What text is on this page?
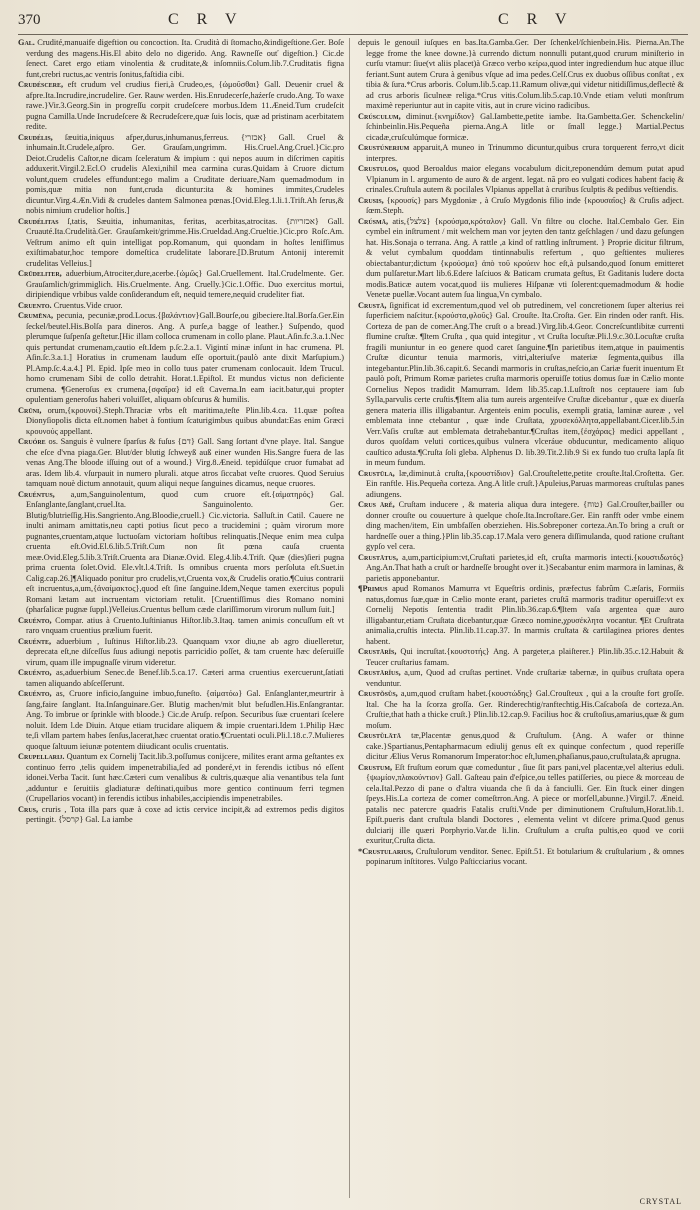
370	C R V	C R V

Gal. Crudité,manuaife digeftion ou concoction. Ita. Crudità di ſtomacho,&indigeſtione.Ger. Boſe verdung des magens.His.El abito delo no digerido. Ang. Rawneſſe ouť digeſtion.} Cic.de ſenect. Caret ergo etiam vinolentia & cruditate,& inſomniis.Colum.lib.7.Cruditatis figna funt,crebri ructus,ac ventris ſonitus,faſtidia cibi.

Crudéſcere, eft crudum vel crudius fieri,à Crudeo,es, {ὠμοῦσθαι} Gall. Deuenir cruel & afpre.Ita.Incrudire,incrudelire. Ger. Rauw werden. His.Enrudecerſe,haźerſe crudo.Ang. To waxe rawe.}Vir.3.Georg.Sin in progreſſu corpit crudeſcere morbus.Idem 11.Æneid.Tum crudeſcit pugna Camilla.Unde Incrudeſcere & Recrudeſcere,quæ ſuis locis, quæ ad pristinam acerbitatem redite.

Crudélis, ſæuitia,iniquus afper,durus,inhumanus,ferreus. {אכזרי} Gall. Cruel & inhumain.It.Crudele,aſpro. Ger. Grauſam,ungrimm. His.Cruel.Ang.Cruel.}Cic.pro Deiot.Crudelis Caſtor,ne dicam ſceleratum & impium : qui nepos auum in diſcrimen capitis adduxerit.Virgil.2.Ecl.O crudelis Alexi,nihil mea carmina curas.Quidam à Cruore dictum volunt,quem crudeles effundunt:ego malim a Cruditate deriuare,Nam quemadmodum in pomis,quæ mitia non funt,cruda dicuntur:ita & homines immites,Crudeles dicuntur.Virg.4.Æn.Vidi & crudeles dantem Salmonea pœnas.[Ovid.Eleg.1.li.1.Triſt.Ah ſerus,& nobis nimium crudelior hoſtis.]

Crudélitas ſ,tatis, Sæuitia, inhumanitas, feritas, acerbitas,atrocitas. {אכזריות} Gall. Cruauté.Ita.Crudelità.Ger. Grauſamkeit/grimme.His.Crueldad.Ang.Crueltie.}Cic.pro Roſc.Am. Veſtrum animo eſt quin intelligat pop.Romanum, qui quondam in hoſtes lenifſimus exiſtimabatur,hoc tempore domeſtica crudelitate laborare.[D.Brutum Antonij interemit crudelitas Velleius.]

Crūdeliter, aduerbium,Atrociter,dure,acerbe.{ὠμῶς} Gal.Cruellement. Ital.Crudelmente. Ger. Grauſamlich/grimmiglich. His.Cruelmente. Ang. Cruelly.}Cic.1.Offic. Duo exercitus mortui, diripiendique vrbibus valde conſiderandum eſt, nequid temere,nequid crudeliter fiat.

Cruento. Cruentus.Vide cruor.

Crumēna, pecunia, pecuniæ,prod.Locus.{βαλάντιον}Gall.Bourſe,ou gibeciere.Ital.Borſa.Ger.Ein ſeckel/beutel.His.Bolſa para dineros. Ang. A purſe,a bagge of leather.} Suſpendo, quod plerumque ſuſpenſa geſtetur.[Hic illam colloca crumenam in collo plane. Plaut.Aſin.fc.3.a.1.Nec quis pertundat crumenam,cautio eſt.Idem p.ſc.2.a.1. Vigintí minæ inſunt in hac crumena. Pl. Aſin.ſc.3.a.1.] Horatius in crumenam laudum eſſe oportuit.(paulò ante dixit Marſupium.) Pl.Amp.ſc.4.a.4.] Pl. Epid. Ipſe meo in collo tuus pater crumenam conlocauit. Idem Trucul. homo crumenam Sibi de collo detrahit. Horat.1.Epiſtol. Et mundus victus non deficiente crumena. ¶Generoſus ex crumena,{σφαῖρα} id eſt Caverna.In eam iacit.batur,qui propter opulentiam generoſus haberi voluiſſet, aliquam obſcurus & humilis.

Crūni, orum,{κρουνοί}.Steph.Thraciæ vrbs eſt maritima,teſte Plin.lib.4.ca. 11.quæ poſtea Dionyſiopolis dicta eſt.nomen habet à fontium ſcaturigimbus quibus abundat:Eas enim Græci κρουνούς appellant.

Cruóre os. Sanguis è vulnere ſparſus & fuſus {דם} Gall. Sang ſortant d'vne playe. Ital. Sangue che eſce d'vna piaga.Ger. Blut/der blutig ſchweyß auß einer wunden His.Sangre fuera de las venas Ang.The bloode iſſuing out of a wound.} Virg.8.Æneid. tepidúſque cruor fumabat ad aras. Idem lib.4. vſurpauit in numero plurali. atque atros ſiccabat veſte cruores. Quod Seruius tamquam nouè dictum annotauit, quum aliqui neque ſanguines dicamus, neque cruores.

Cruéntus, a,um,Sanguinolentum, quod cum cruore eſt.{αἱματηρός} Gal. Enſanglante,ſanglant,cruel.Ita. Sanguinolento. Ger. Blutig/blutrieſſig.His.Sangriento.Ang.Bloodie,cruell.} Cic.victoria. Salluſt.in Catil. Cauere ne inulti animam amittatis,neu capti potius ſicut peco a trucidemini ; quàm virorum more pugnantes,cruentam,atque luctuoſam victoriam hoſtibus relinquatis.[Neque enim mea culpa cruenta eſt.Ovid.El.6.lib.5.Triſt.Cum non ſit pœna cauſa cruenta meæ.Ovid.Eleg.5.lib.3.Triſt.Cruenta ara Dianæ.Ovid. Eleg.4.lib.4.Triſt. Quæ (dies)ſieri pugna prima cruenta ſolet.Ovid. Ele.vlt.l.4.Triſt. Is omnibus cruenta mors perſoluta eſt.Suet.in Calig.cap.26.]¶Aliquado ponitur pro crudelis,vt,Cruenta vox,& Crudelis oratio.¶Cuius contrarii eſt incruentus,a,um,{ἀναίμακτος},quod eſt ſine ſanguine.Idem,Neque tamen exercitus populi Romani lætam aut incruentam victoriam retulit. [Cruentiſſimus dies Romano nomini (pharſalicæ pugnæ ſuppl.)Velleius.Cruentus bellum cæde clariſſimorum virorum nullum ſuit.]

Cruénto, Compar. atius à Cruento.Iuſtinianus Hiſtor.lib.3.Itaq. tamen animis concuſſum eſt vt raro vnquam cruentius prælium fuerit.

Cruénte, aduerbium , Iuſtinus Hiſtor.lib.23. Quanquam vxor diu,ne ab agro diuelleretur, deprecata eſt,ne diſceſſus ſuus adiungi nepotis parricidio poſſet, & tam cruente hæc deſeruiſſe virum, quam ille impugnaſſe virum videretur.

Cruénto, as,aduerbium Senec.de Benef.lib.5.ca.17. Cæteri arma cruentius exercuerunt,ſatiati tamen aliquando abſceſſerunt.

Cruénto, as, Cruore inficio,ſanguine imbuo,funeſto. {αἱματόω} Gal. Enſanglanter,meurtrir à ſang,faire ſanglant. Ita.Inſanguinare.Ger. Blutig machen/mit blut beſudlen.His.Enſangrantar. Ang. To imbrue or ſprinkle with bloode.} Cic.de Aruſp. reſpon. Securibus ſuæ cruentari ſcelere noluit. Idem l.de Diuin. Atque etiam trucidare aliquem & impie cruentari.Idem 1.Philip Hæc te,ſi vllam partem habes ſenſus,lacerat,hæc cruentat oratio.¶Cruentati oculi.Pli.l.18.c.7.Mulieres quoque ſaltuum ieiunæ potentem diiudicant oculis cruentatis.

Crupellarij. Quantum ex Cornelij Tacit.lib.3.poſſumus conijcere, milites erant arma geſtantes ex continuo ferro ,telis quidem impenetrabilia,ſed ad ponderé,vt in ferendis ictibus nó eſſent idonei.Verba Tacit. ſunt hæc.Cæteri cum venalibus & cultris,quæque alia venantibus tela ſunt ,adduntur e ſeruitiis gladiaturæ deſtinati,quibus more gentico continuum ferri tegmen (Crupellarios vocant) in ferendis ictibus inhabiles,accipiendis impenetrabiles.

Crus, cruris , Tota illa pars quæ à coxe ad ictis cervice incipit,& ad extremos pedis digitos pertingit. {קרסל} Gal. La iambe

depuis le genouil iuſques en bas.Ita.Gamba.Ger. Der ſchenkel/ſchienbein.His. Pierna.An.The legge frome the knee downe.}à currendo dictum nonnulli putant,quod crurum miniſterio in curſu vtamur: ſiue(vt aliis placet)à Græco verbo κείρω,quod inter ingrediendum huc atque illuc feriant.Sunt autem Crura à genibus vſque ad ima pedes.Celſ.Crus ex duobus oſſibus conſtat , ex tibia & ſura.*Crus arboris. Colum.lib.5.cap.11.Ramum olivæ,qui videtur nitidiſſimus,deflectè & ad crus arboris ſiculneæ religa.*Crus vitis.Colum.lib.5.cap.10.Vnde etiam veluti monſtrum maximè reperiuntur aut in capite vitis, aut in crure vicino radicibus.

Crúſculum, diminut.{κνημίδιον} Gal.Iambette,petite iambe. Ita.Gambetta.Ger. Schenckelin/ſchinbeinlin.His.Pequeña pierna.Ang.A litle or ſmall legge.} Martial.Pectus cicadæ,cruſculúmque formicæ.

Cruſtúnerium apparuit,A muneo in Trinummo dicuntur,quibus crura torquerent ferro,vt dicit interpres.

Cruſtulos, quod Beroaldus maior elegans vocabulum dicit,reponendúm demum putat apud Vlpianum in l. argumento de auro & de argent. legat. nā pro eo vulgati codices habent facię & crinales.Cruſtula autem & pocilales Vlpianus appellat à cruribus ſculptis & pedibus veſtiendis.

Crusis, {κρουσίς} pars Mygdoniæ , à Cruſo Mygdonis filio inde {κρουσαῖος} & Cruſis adject. ſœm.Steph.

Crúſmā, atis,{צלצל} {κρούσμα,κρόταλον} Gall. Vn filtre ou cloche. Ital.Cembalo Ger. Ein cymbel ein inſtrument / mit welchem man vor jeyten den tantz geſchlagen / und dazu geſungen hat. His.Sonaja o terrana. Ang. A rattle ,a kind of rattling inſtrument. } Proprie dicitur filtrum, & velut cymbalum quoddam tintinnabulis refertum , quo geſtientes mulieres obiectabantur;dictum {κρούσμα} ἀπὸ τοῦ κρούειν hoc eſt,à pulsando,quod ſonum emitteret dum pulſaretur.Mart lib.6.Edere laſciuos & Baticam crumata geſtus, Et Gaditanis ludere docta modis.Baticæ autem vocat,quod iis mulieres Hiſpanæ vti ſolerent:quemadmodum & hodie Venetæ puellæ.Vocant autem ſua lingua,Vn cymbalo.

Cruſtā, ſignificat id excrementum,quod vel ob putredinem, vel concretionem ſuper alterius rei ſuperficiem naſcitur.{κρούστα,φλοῦς} Gal. Crouſte. Ita.Croſta. Ger. Ein rinden oder ranft. His. Corteza de pan de comer.Ang.The cruſt o a bread.}Virg.lib.4.Geor. Concreſcuntlibitæ currenti flumine cruſtæ. ¶Item Cruſta , qua quid integitur , vt Cruſta locuſtæ.Pli.l.9.c.30.Locuſtæ cruſta fragili muniuntur in eo genere quod caret ſanguine.¶In parietibus item,atque in pauimentis Cruſtæ dicuntur tenuia marmoris, vitri,alteriuſve materiæ ſegmenta,quibus illa integebantur.Plin.lib.36.capit.6. Secandi marmoris in cruſtas,neſcio,an Cariæ fuerit inuentum Et paulò poſt, Primum Romæ parietes cruſta marmoris operuiſſe totius domus ſuæ in Cælio monte Cornelius Nepos tradidit Mamurram. Idem lib.35.cap.1.Luſtroſt nos ceptauere iam ſub Sylla,parvulis certe cruſtis.¶Item alia tum aureis argenteiſve Cruſtæ dicebantur , quæ ex diuerſa genera materia illis illigabantur. Argenteis enim poculis, exempli gratia, laminæ aureæ , vel emblemata inne ctebantur , quæ inde Cruſtata, χρυσεκόλλητα,appellabant.Cicer.lib.5.in Verr.Vaſis cruſtæ aut emblemata detrahebantur.¶Cruſtas item,{ἐσχάρας} medici appellant , duros quoſdam veluti cortices,quibus vulnera vlceráue obducuntur, medicamento aliquo cauſtico adusta.¶Cruſta ſoli gleba. Alphenus D. lib.39.Tit.2.lib.9 Si ex fundo tuo cruſta lapſa ſit in meum fundum.

Cruſtūla, læ,diminut.à cruſta,{κρουστίδιον} Gal.Crouſtelette,petite crouſte.Ital.Croſtetta. Ger. Ein ranftle. His.Pequeña corteza. Ang.A litle cruſt.}Apuleius,Paruas marmoreas cruſtulas panes adiungens.

Cruſ ārĕ, Cruſtam inducere , & materia aliqua dura integere. {טוח} Gal.Crouſter,bailler ou donner crouſte ou couuerture à quelque choſe.Ita.Incroſtare.Ger. Ein ranfft oder vmbe einem ding machen/item, Ein umbfaſſen oberziehen. His.Sobreponer corteza.An.To bring a cruſt or hardneſſe ouer a thing.}Plin lib.35.cap.17.Mala vero genera diſſimulanda, quod ratione cruſtant gypſo vel cera.

Cruſtātus, a,um,participium:vt,Cruſtati parietes,id eſt, cruſta marmoris intecti.{κουστιδωτός} Ang.An.That hath a cruſt or hardneſſe brought over it.}Secabantur enim marmora in laminas, & parietis apponebantur.

¶Primus apud Romanos Mamurra vt Equeſtris ordinis, præfectus fabrûm C.æſaris, Formiis natus,domus ſuæ,quæ in Cælio monte erant, parietes cruſtā marmoris traditur operuiſſe:vt ex Cornelij Nepotis ſententia tradit Plin.lib.36.cap.6.¶Item vaſa argentea quæ auro illigabantur,etiam Cruſtata dicebantur,quæ Græco nomine,χρυσέκλητα vocantur. ¶Et Cruſtrata animalia,cruſtis intecta. Plin.lib.11.cap.37. In marmis cruſtata & cartilaginea priores dentes habent.

Cruſtārĭs, Qui incruſtat.{κουστοτής} Ang. A pargeter,a plaiſterer.} Plin.lib.35.c.12.Habuit & Teucer cruſtarius famam.

Cruſtārĭus, a,um, Quod ad cruſtas pertinet. Vnde cruſtariæ tabernæ, in quibus cruſtata opera venduntur.

Cruſtŏſŭs, a,um,quod cruſtam habet.{κουστώδης} Gal.Crouſteux , qui a la crouſte fort groſſe. Ital. Che ha la ſcorza groſſa. Ger. Rinderechtig/ranftechtig.His.Caſcaboſa de corteza.An. Cruſtie,that hath a thicke cruſt.} Plin.lib.12.cap.9. Facilius hoc & cruſtoſius,amarius,quæ & gum moſum.

Cruſtŭlātā tæ,Placentæ genus,quod & Cruſtulum. {Ang. A wafer or thinne cake.}Spartianus,Pentapharmacum ediulij genus eſt ex quinque confectum , quod reperiſſe dicitur Ælius Verus Romanorum Imperator:hoc eſt,lumen,phaſianus,pauo,cruſtulata,& aprugna.

Cruſtum, Eſt fruſtum eorum quæ comeduntur , ſiue ſit pars pani,vel placentæ,vel alterius eduli.{ψωμίον,πλακούντιον} Gall. Gaſteau pain d'eſpice,ou telles patiſſeries, ou piece & morceau de cela.Ital.Pezzo di pane o d'altra viuanda che ſi da à fanciulli. Ger. Ein ſtuck einer dingen ſpeys.His.La corteza de comer comeſtrron.Ang. A piece or morſell,abunne.}Virgil.7. Æneid. patalis nec patercre quadris Fatalis cruſti.Vnde per diminutionem Cruſtulum,Horat.lib.1. Epiſt.pueris dant cruſtula blandi Doctores , elementa velint vt diſcere prima.Quod genus dulciarij ille quæri Porphyrio.Var.de li.lin. Cruſtulum a cruſta pultis,eo quod ve corii exuritur,Cruſta dicta.

*Cruſtularius, Cruſtulorum venditor. Senec. Epiſt.51. Et botularium & cruſtularium , & omnes popinarum inſtitores. Vulgo Paſticciarius vocant.

CRYSTAL
